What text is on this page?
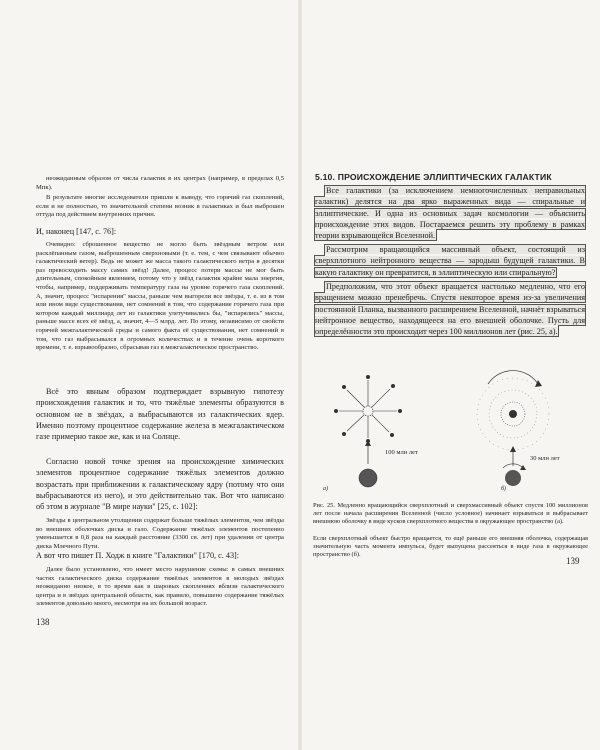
неожиданным образом от числа галактик в их центрах (например, в пределах 0,5 Мпк).

В результате многие исследователи пришли к выводу, что горячий газ скоплений, если и не полностью, то значительной степени возник в галактиках и был выброшен оттуда под действием внутренних причин.

И, наконец [147, с. 76]:

Очевидно: сброшенное вещество не могло быть звёздным ветром или расклёпанным газом, выброшенным сверхновыми (т. е. тем, с чем связывают обычно галактический ветер). Ведь не может же масса такого галактического ветра в десятки раз превосходить массу самих звёзд! Далее, процесс потери массы не мог быть длительным, спокойным явлением, потому что у звёзд галактик крайне мала энергия, чтобы, например, поддерживать температуру газа на уровне горячего газа скоплений. А, значит, процесс "испарения" массы, раньше чем выгорели все звёзды, т. е. из в том или ином виде существования, нет сомнений в том, что содержание горячего газа при котором каждый миллиард лет из галактики улетучивались бы, "испарялись" массы, раньше массе всех её звёзд, а, значит, 4—5 млрд. лет. По этому, независимо от свойств горячей межгалактической среды и самого факта её существования, нет сомнений в том, что газ выбрасывался в огромных количествах и в течение очень короткого времени, т. е. взрывообразно, сбрасывая газ в межгалактическое пространство.

Всё это явным образом подтверждает взрывную гипотезу происхождения галактик и то, что тяжёлые элементы образуются в основном не в звёздах, а выбрасываются из галактических ядер. Именно поэтому процентное содержание железа в межгалактическом газе примерно такое же, как и на Солнце.

Согласно новой точке зрения на происхождение химических элементов процентное содержание тяжёлых элементов должно возрастать при приближении к галактическому ядру (потому что они выбрасываются из него), и это действительно так. Вот что написано об этом в журнале "В мире науки" [25, с. 102]:

Звёзды в центральном утолщении содержат больше тяжёлых элементов, чем звёзды во внешних оболочках диска и гало. Содержание тяжёлых элементов постепенно уменьшается в 0,8 раза на каждый расстояние (3300 св. лет) при удалении от центра диска Млечного Пути.

А вот что пишет П. Ходж в книге "Галактики" [170, с. 43]:

Далее было установлено, что имеет место нарушение схемы: в самых внешних частях галактического диска содержание тяжёлых элементов в молодых звёздах неожиданно низкое, в то время как в шаровых скоплениях вблизи галактического центра и в звёздах центральной области, как правило, повышено содержание тяжёлых элементов довольно много, несмотря на их большой возраст.

138
5.10. ПРОИСХОЖДЕНИЕ ЭЛЛИПТИЧЕСКИХ ГАЛАКТИК

Все галактики (за исключением немногочисленных неправильных галактик) делятся на два ярко выраженных вида — спиральные и эллиптические. И одна из основных задач космологии — объяснить происхождение этих видов. Постараемся решить эту проблему в рамках теории взрывающейся Вселенной.

Рассмотрим вращающийся массивный объект, состоящий из сверхплотного нейтронного вещества — зародыш будущей галактики. В какую галактику он превратится, в эллиптическую или спиральную?

Предположим, что этот объект вращается настолько медленно, что его вращением можно пренебречь. Спустя некоторое время из-за увеличения постоянной Планка, вызванного расширением Вселенной, начнёт взрываться нейтронное вещество, находящееся на его внешней оболочке. Пусть для определённости это происходит через 100 миллионов лет (рис. 25, а).

100 млн лет
а)
30 млн лет
б)

Рис. 25. Медленно вращающийся сверхплотный и сверхмассивный объект спустя 100 миллионов лет после начала расширения Вселенной (число условное) начинает взрываться и выбрасывает внешнюю оболочку в виде кусков сверхплотного вещества в окружающее пространство (а).

Если сверхплотный объект быстро вращается, то ещё раньше его внешняя оболочка, содержащая значительную часть момента импульса, будет выпущена рассеяться в виде газа в окружающее пространство (б).

139
